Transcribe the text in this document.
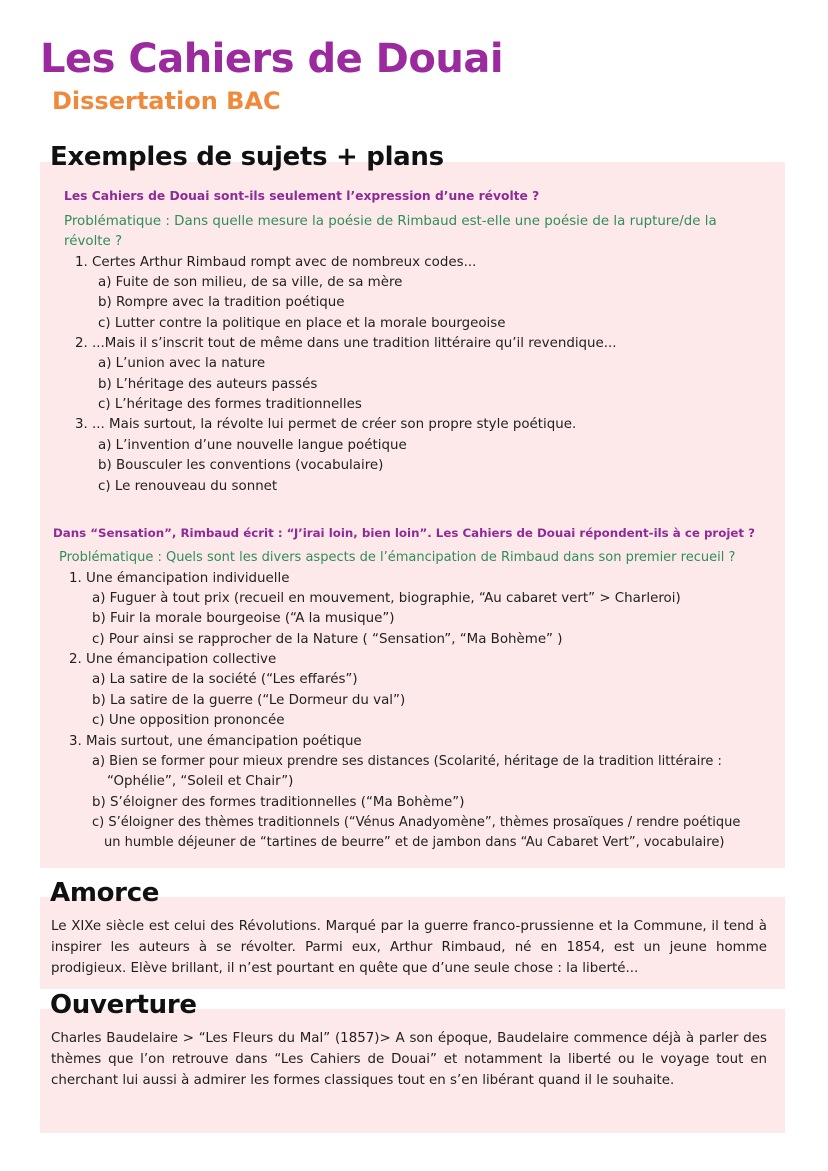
Les Cahiers de Douai
Dissertation BAC
Exemples de sujets + plans
Les Cahiers de Douai sont-ils seulement l’expression d’une révolte ?
Problématique : Dans quelle mesure la poésie de Rimbaud est-elle une poésie de la rupture/de la
révolte ?
1. Certes Arthur Rimbaud rompt avec de nombreux codes...
a) Fuite de son milieu, de sa ville, de sa mère
b) Rompre avec la tradition poétique
c) Lutter contre la politique en place et la morale bourgeoise
2. ...Mais il s’inscrit tout de même dans une tradition littéraire qu’il revendique...
a) L’union avec la nature
b) L’héritage des auteurs passés
c) L’héritage des formes traditionnelles
3. ... Mais surtout, la révolte lui permet de créer son propre style poétique.
a) L’invention d’une nouvelle langue poétique
b) Bousculer les conventions (vocabulaire)
c) Le renouveau du sonnet
Dans “Sensation”, Rimbaud écrit : “J’irai loin, bien loin”. Les Cahiers de Douai répondent-ils à ce projet ?
Problématique : Quels sont les divers aspects de l’émancipation de Rimbaud dans son premier recueil ?
1. Une émancipation individuelle
a) Fuguer à tout prix (recueil en mouvement, biographie, “Au cabaret vert” > Charleroi)
b) Fuir la morale bourgeoise (“A la musique”)
c) Pour ainsi se rapprocher de la Nature ( “Sensation”, “Ma Bohème” )
2. Une émancipation collective
a) La satire de la société (“Les effarés”)
b) La satire de la guerre (“Le Dormeur du val”)
c) Une opposition prononcée
3. Mais surtout, une émancipation poétique
a) Bien se former pour mieux prendre ses distances (Scolarité, héritage de la tradition littéraire :
“Ophélie”, “Soleil et Chair”)
b) S’éloigner des formes traditionnelles (“Ma Bohème”)
c) S’éloigner des thèmes traditionnels (“Vénus Anadyomène”, thèmes prosaïques / rendre poétique
un humble déjeuner de “tartines de beurre” et de jambon dans “Au Cabaret Vert”, vocabulaire)
Amorce
Le XIXe siècle est celui des Révolutions. Marqué par la guerre franco-prussienne et la Commune, il tend à inspirer les auteurs à se révolter. Parmi eux, Arthur Rimbaud, né en 1854, est un jeune homme prodigieux. Elève brillant, il n’est pourtant en quête que d’une seule chose : la liberté...
Ouverture
Charles Baudelaire > “Les Fleurs du Mal” (1857)> A son époque, Baudelaire commence déjà à parler des thèmes que l’on retrouve dans “Les Cahiers de Douai” et notamment la liberté ou le voyage tout en cherchant lui aussi à admirer les formes classiques tout en s’en libérant quand il le souhaite.
